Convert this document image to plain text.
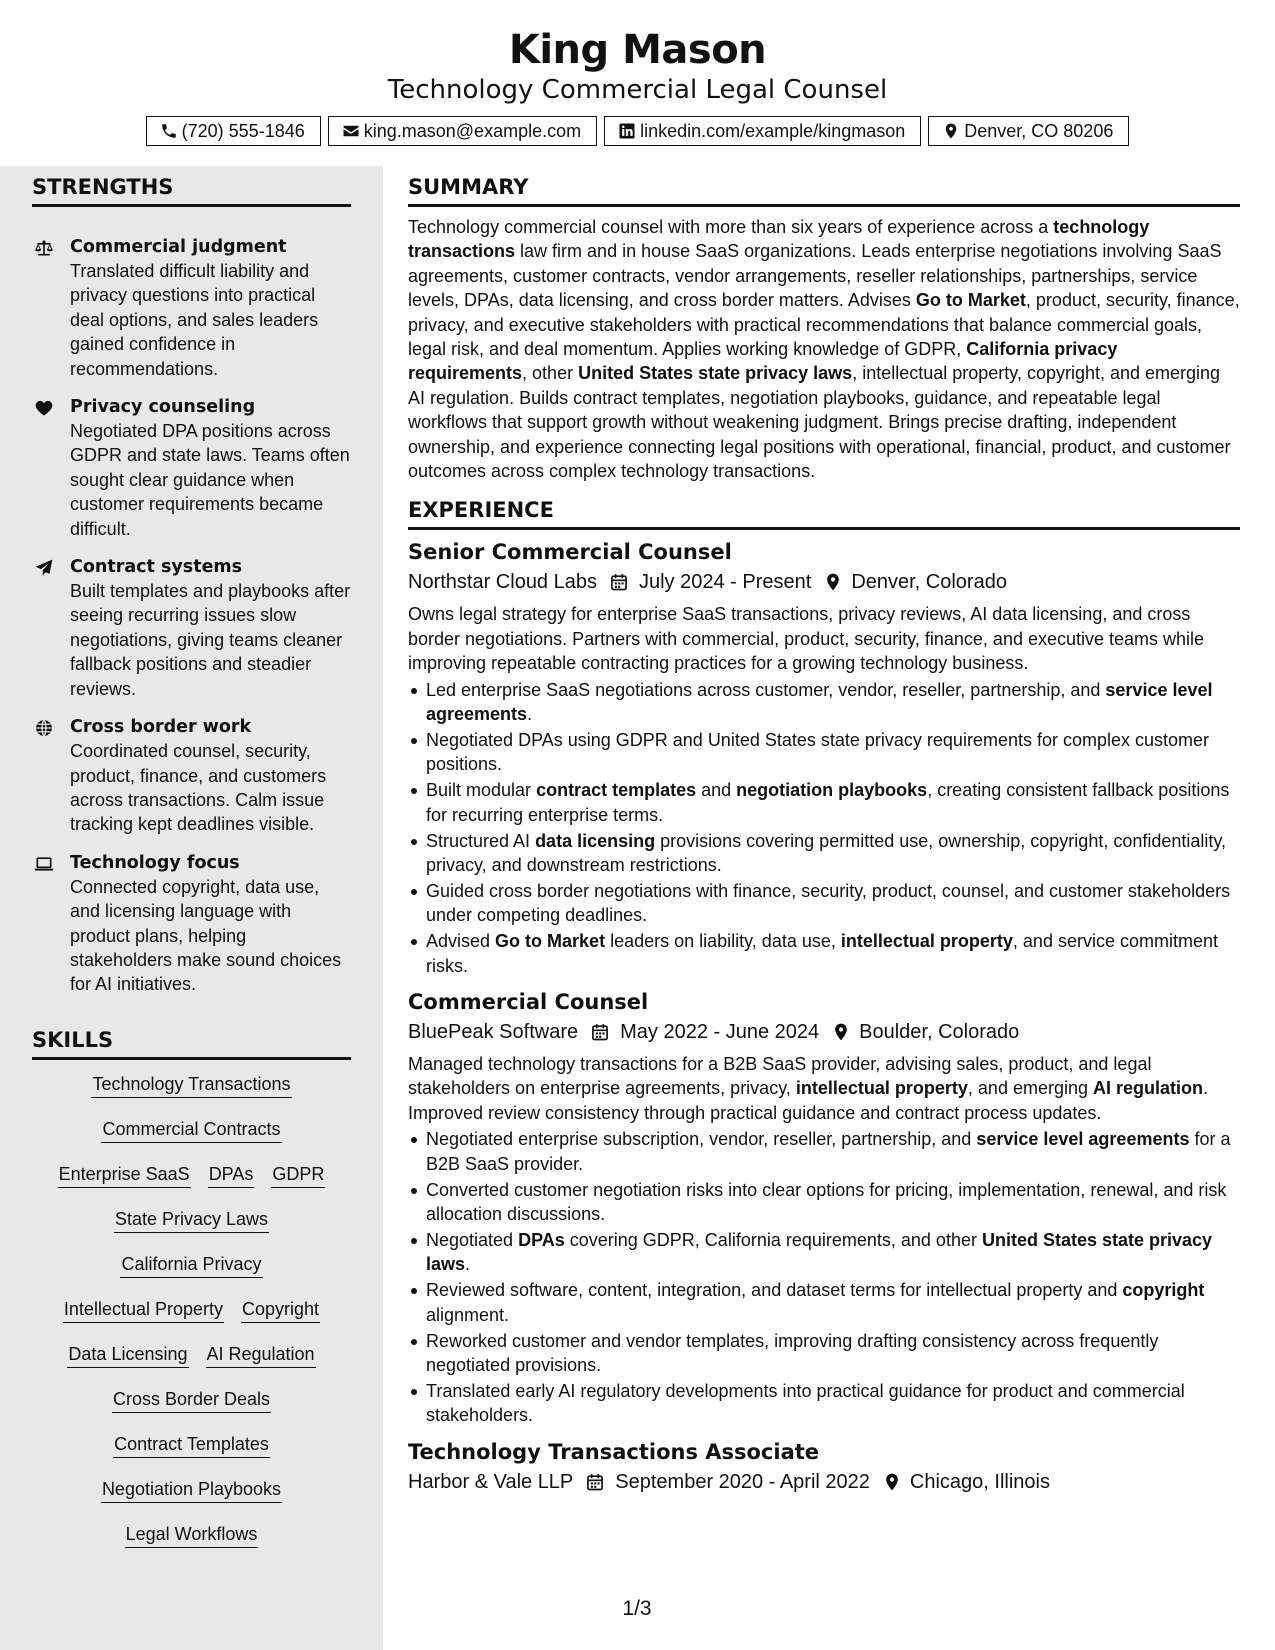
King Mason
Technology Commercial Legal Counsel
(720) 555-1846	king.mason@example.com	linkedin.com/example/kingmason	Denver, CO 80206
STRENGTHS
Commercial judgment
Translated difficult liability and privacy questions into practical deal options, and sales leaders gained confidence in recommendations.
Privacy counseling
Negotiated DPA positions across GDPR and state laws. Teams often sought clear guidance when customer requirements became difficult.
Contract systems
Built templates and playbooks after seeing recurring issues slow negotiations, giving teams cleaner fallback positions and steadier reviews.
Cross border work
Coordinated counsel, security, product, finance, and customers across transactions. Calm issue tracking kept deadlines visible.
Technology focus
Connected copyright, data use, and licensing language with product plans, helping stakeholders make sound choices for AI initiatives.
SKILLS
Technology Transactions
Commercial Contracts
Enterprise SaaS DPAs GDPR
State Privacy Laws
California Privacy
Intellectual Property Copyright
Data Licensing AI Regulation
Cross Border Deals
Contract Templates
Negotiation Playbooks
Legal Workflows
SUMMARY
Technology commercial counsel with more than six years of experience across a technology transactions law firm and in house SaaS organizations. Leads enterprise negotiations involving SaaS agreements, customer contracts, vendor arrangements, reseller relationships, partnerships, service levels, DPAs, data licensing, and cross border matters. Advises Go to Market, product, security, finance, privacy, and executive stakeholders with practical recommendations that balance commercial goals, legal risk, and deal momentum. Applies working knowledge of GDPR, California privacy requirements, other United States state privacy laws, intellectual property, copyright, and emerging AI regulation. Builds contract templates, negotiation playbooks, guidance, and repeatable legal workflows that support growth without weakening judgment. Brings precise drafting, independent ownership, and experience connecting legal positions with operational, financial, product, and customer outcomes across complex technology transactions.
EXPERIENCE
Senior Commercial Counsel
Northstar Cloud Labs July 2024 - Present Denver, Colorado
Owns legal strategy for enterprise SaaS transactions, privacy reviews, AI data licensing, and cross border negotiations. Partners with commercial, product, security, finance, and executive teams while improving repeatable contracting practices for a growing technology business.
Led enterprise SaaS negotiations across customer, vendor, reseller, partnership, and service level agreements.
Negotiated DPAs using GDPR and United States state privacy requirements for complex customer positions.
Built modular contract templates and negotiation playbooks, creating consistent fallback positions for recurring enterprise terms.
Structured AI data licensing provisions covering permitted use, ownership, copyright, confidentiality, privacy, and downstream restrictions.
Guided cross border negotiations with finance, security, product, counsel, and customer stakeholders under competing deadlines.
Advised Go to Market leaders on liability, data use, intellectual property, and service commitment risks.
Commercial Counsel
BluePeak Software May 2022 - June 2024 Boulder, Colorado
Managed technology transactions for a B2B SaaS provider, advising sales, product, and legal stakeholders on enterprise agreements, privacy, intellectual property, and emerging AI regulation. Improved review consistency through practical guidance and contract process updates.
Negotiated enterprise subscription, vendor, reseller, partnership, and service level agreements for a B2B SaaS provider.
Converted customer negotiation risks into clear options for pricing, implementation, renewal, and risk allocation discussions.
Negotiated DPAs covering GDPR, California requirements, and other United States state privacy laws.
Reviewed software, content, integration, and dataset terms for intellectual property and copyright alignment.
Reworked customer and vendor templates, improving drafting consistency across frequently negotiated provisions.
Translated early AI regulatory developments into practical guidance for product and commercial stakeholders.
Technology Transactions Associate
Harbor & Vale LLP September 2020 - April 2022 Chicago, Illinois
1/3
